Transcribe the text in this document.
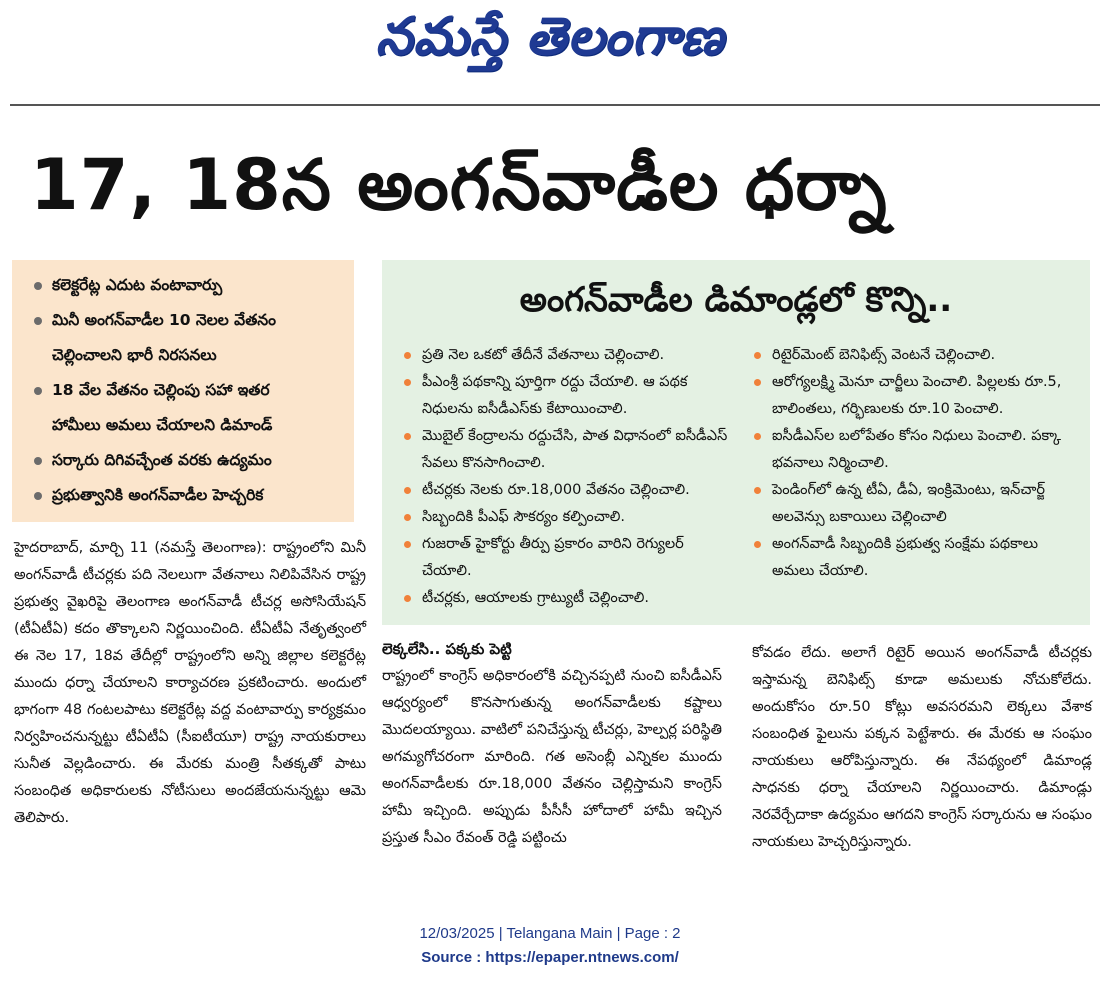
నమస్తే తెలంగాణ
17, 18న అంగన్‌వాడీల ధర్నా
కలెక్టరేట్ల ఎదుట వంటావార్పు
మినీ అంగన్‌వాడీల 10 నెలల వేతనం
చెల్లించాలని భారీ నిరసనలు
18 వేల వేతనం చెల్లింపు సహా ఇతర
హామీలు అమలు చేయాలని డిమాండ్
సర్కారు దిగివచ్చేంత వరకు ఉద్యమం
ప్రభుత్వానికి అంగన్‌వాడీల హెచ్చరిక
అంగన్‌వాడీల డిమాండ్లలో కొన్ని..
ప్రతి నెల ఒకటో తేదీనే వేతనాలు చెల్లించాలి.
పీఎంశ్రీ పథకాన్ని పూర్తిగా రద్దు చేయాలి. ఆ పథక నిధులను ఐసీడీఎస్‌కు కేటాయించాలి.
మొబైల్ కేంద్రాలను రద్దుచేసి, పాత విధానంలో ఐసీడీఎస్ సేవలు కొనసాగించాలి.
టీచర్లకు నెలకు రూ.18,000 వేతనం చెల్లించాలి.
సిబ్బందికి పీఎఫ్ సౌకర్యం కల్పించాలి.
గుజరాత్ హైకోర్టు తీర్పు ప్రకారం వారిని రెగ్యులర్ చేయాలి.
టీచర్లకు, ఆయాలకు గ్రాట్యుటీ చెల్లించాలి.
రిటైర్‌మెంట్ బెనిఫిట్స్ వెంటనే చెల్లించాలి.
ఆరోగ్యలక్ష్మి మెనూ చార్జీలు పెంచాలి. పిల్లలకు రూ.5, బాలింతలు, గర్భిణులకు రూ.10 పెంచాలి.
ఐసీడీఎస్‌ల బలోపేతం కోసం నిధులు పెంచాలి. పక్కా భవనాలు నిర్మించాలి.
పెండింగ్‌లో ఉన్న టీఏ, డీఏ, ఇంక్రిమెంటు, ఇన్‌చార్జ్ అలవెన్సు బకాయిలు చెల్లించాలి
అంగన్‌వాడీ సిబ్బందికి ప్రభుత్వ సంక్షేమ పథకాలు అమలు చేయాలి.

హైదరాబాద్, మార్చి 11 (నమస్తే తెలంగాణ): రాష్ట్రంలోని మినీ అంగన్‌వాడీ టీచర్లకు పది నెలలుగా వేతనాలు నిలిపివేసిన రాష్ట్ర ప్రభుత్వ వైఖరిపై తెలంగాణ అంగన్‌వాడీ టీచర్ల అసోసియేషన్ (టీఏటీఏ) కదం తొక్కాలని నిర్ణయించింది. టీఏటీఏ నేతృత్వంలో ఈ నెల 17, 18వ తేదీల్లో రాష్ట్రంలోని అన్ని జిల్లాల కలెక్టరేట్ల ముందు ధర్నా చేయాలని కార్యాచరణ ప్రకటించారు. అందులో భాగంగా 48 గంటలపాటు కలెక్టరేట్ల వద్ద వంటావార్పు కార్యక్రమం నిర్వహించనున్నట్టు టీఏటీఏ (సీఐటీయూ) రాష్ట్ర నాయకురాలు సునీత వెల్లడించారు. ఈ మేరకు మంత్రి సీతక్కతో పాటు సంబంధిత అధికారులకు నోటీసులు అందజేయనున్నట్టు ఆమె తెలిపారు.

లెక్కలేసి.. పక్కకు పెట్టి

రాష్ట్రంలో కాంగ్రెస్ అధికారంలోకి వచ్చినప్పటి నుంచి ఐసీడీఎస్ ఆధ్వర్యంలో కొనసాగుతున్న అంగన్‌వాడీలకు కష్టాలు మొదలయ్యాయి. వాటిలో పనిచేస్తున్న టీచర్లు, హెల్పర్ల పరిస్థితి అగమ్యగోచరంగా మారింది. గత అసెంబ్లీ ఎన్నికల ముందు అంగన్‌వాడీలకు రూ.18,000 వేతనం చెల్లిస్తామని కాంగ్రెస్ హామీ ఇచ్చింది. అప్పుడు పీసీసీ హోదాలో హామీ ఇచ్చిన ప్రస్తుత సీఎం రేవంత్ రెడ్డి పట్టించు

కోవడం లేదు. అలాగే రిటైర్ అయిన అంగన్‌వాడీ టీచర్లకు ఇస్తామన్న బెనిఫిట్స్ కూడా అమలుకు నోచుకోలేదు. అందుకోసం రూ.50 కోట్లు అవసరమని లెక్కలు వేశాక సంబంధిత ఫైలును పక్కన పెట్టేశారు. ఈ మేరకు ఆ సంఘం నాయకులు ఆరోపిస్తున్నారు. ఈ నేపథ్యంలో డిమాండ్ల సాధనకు ధర్నా చేయాలని నిర్ణయించారు. డిమాండ్లు నెరవేర్చేదాకా ఉద్యమం ఆగదని కాంగ్రెస్ సర్కారును ఆ సంఘం నాయకులు హెచ్చరిస్తున్నారు.

12/03/2025 | Telangana Main | Page : 2
Source : https://epaper.ntnews.com/
